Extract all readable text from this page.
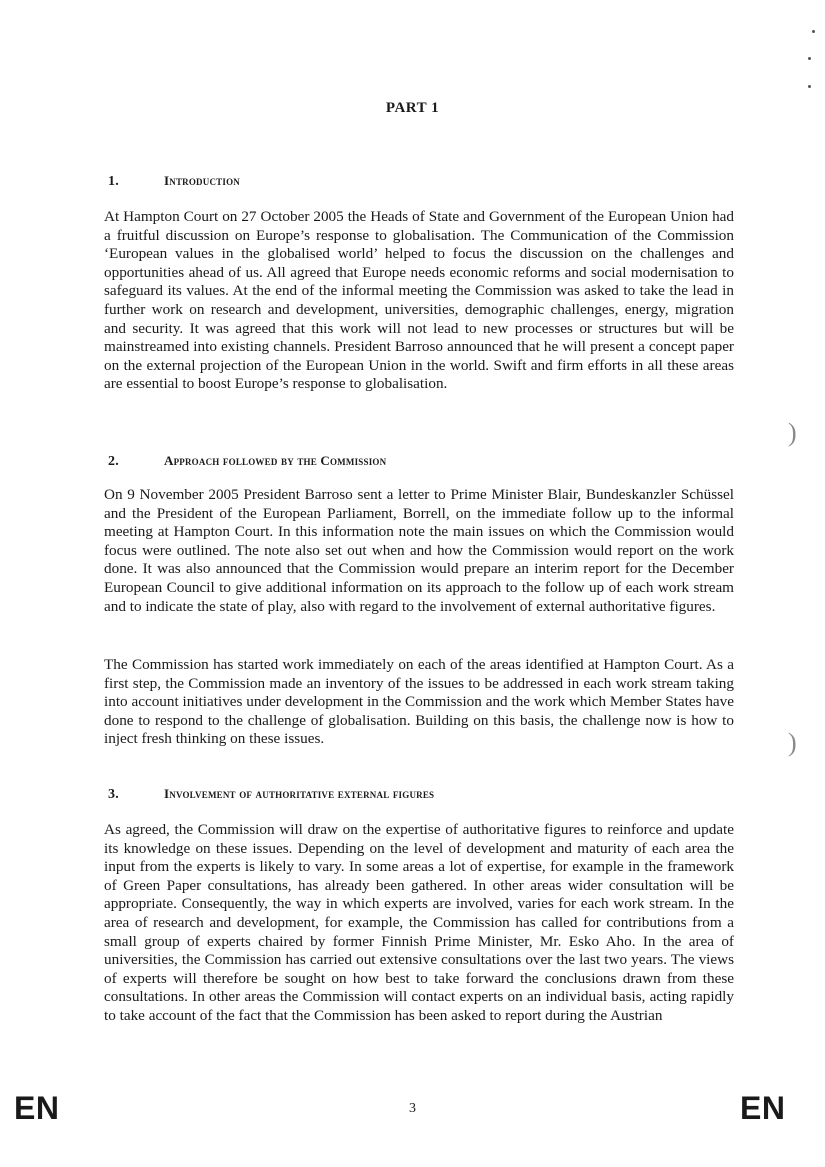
PART 1
1.	Introduction

At Hampton Court on 27 October 2005 the Heads of State and Government of the European Union had a fruitful discussion on Europe’s response to globalisation. The Communication of the Commission ‘European values in the globalised world’ helped to focus the discussion on the challenges and opportunities ahead of us. All agreed that Europe needs economic reforms and social modernisation to safeguard its values. At the end of the informal meeting the Commission was asked to take the lead in further work on research and development, universities, demographic challenges, energy, migration and security. It was agreed that this work will not lead to new processes or structures but will be mainstreamed into existing channels. President Barroso announced that he will present a concept paper on the external projection of the European Union in the world. Swift and firm efforts in all these areas are essential to boost Europe’s response to globalisation.

2.	Approach followed by the Commission

On 9 November 2005 President Barroso sent a letter to Prime Minister Blair, Bundeskanzler Schüssel and the President of the European Parliament, Borrell, on the immediate follow up to the informal meeting at Hampton Court. In this information note the main issues on which the Commission would focus were outlined. The note also set out when and how the Commission would report on the work done. It was also announced that the Commission would prepare an interim report for the December European Council to give additional information on its approach to the follow up of each work stream and to indicate the state of play, also with regard to the involvement of external authoritative figures.

The Commission has started work immediately on each of the areas identified at Hampton Court. As a first step, the Commission made an inventory of the issues to be addressed in each work stream taking into account initiatives under development in the Commission and the work which Member States have done to respond to the challenge of globalisation. Building on this basis, the challenge now is how to inject fresh thinking on these issues.

3.	Involvement of authoritative external figures

As agreed, the Commission will draw on the expertise of authoritative figures to reinforce and update its knowledge on these issues. Depending on the level of development and maturity of each area the input from the experts is likely to vary. In some areas a lot of expertise, for example in the framework of Green Paper consultations, has already been gathered. In other areas wider consultation will be appropriate. Consequently, the way in which experts are involved, varies for each work stream. In the area of research and development, for example, the Commission has called for contributions from a small group of experts chaired by former Finnish Prime Minister, Mr. Esko Aho. In the area of universities, the Commission has carried out extensive consultations over the last two years. The views of experts will therefore be sought on how best to take forward the conclusions drawn from these consultations. In other areas the Commission will contact experts on an individual basis, acting rapidly to take account of the fact that the Commission has been asked to report during the Austrian

)
)
EN	3	EN
